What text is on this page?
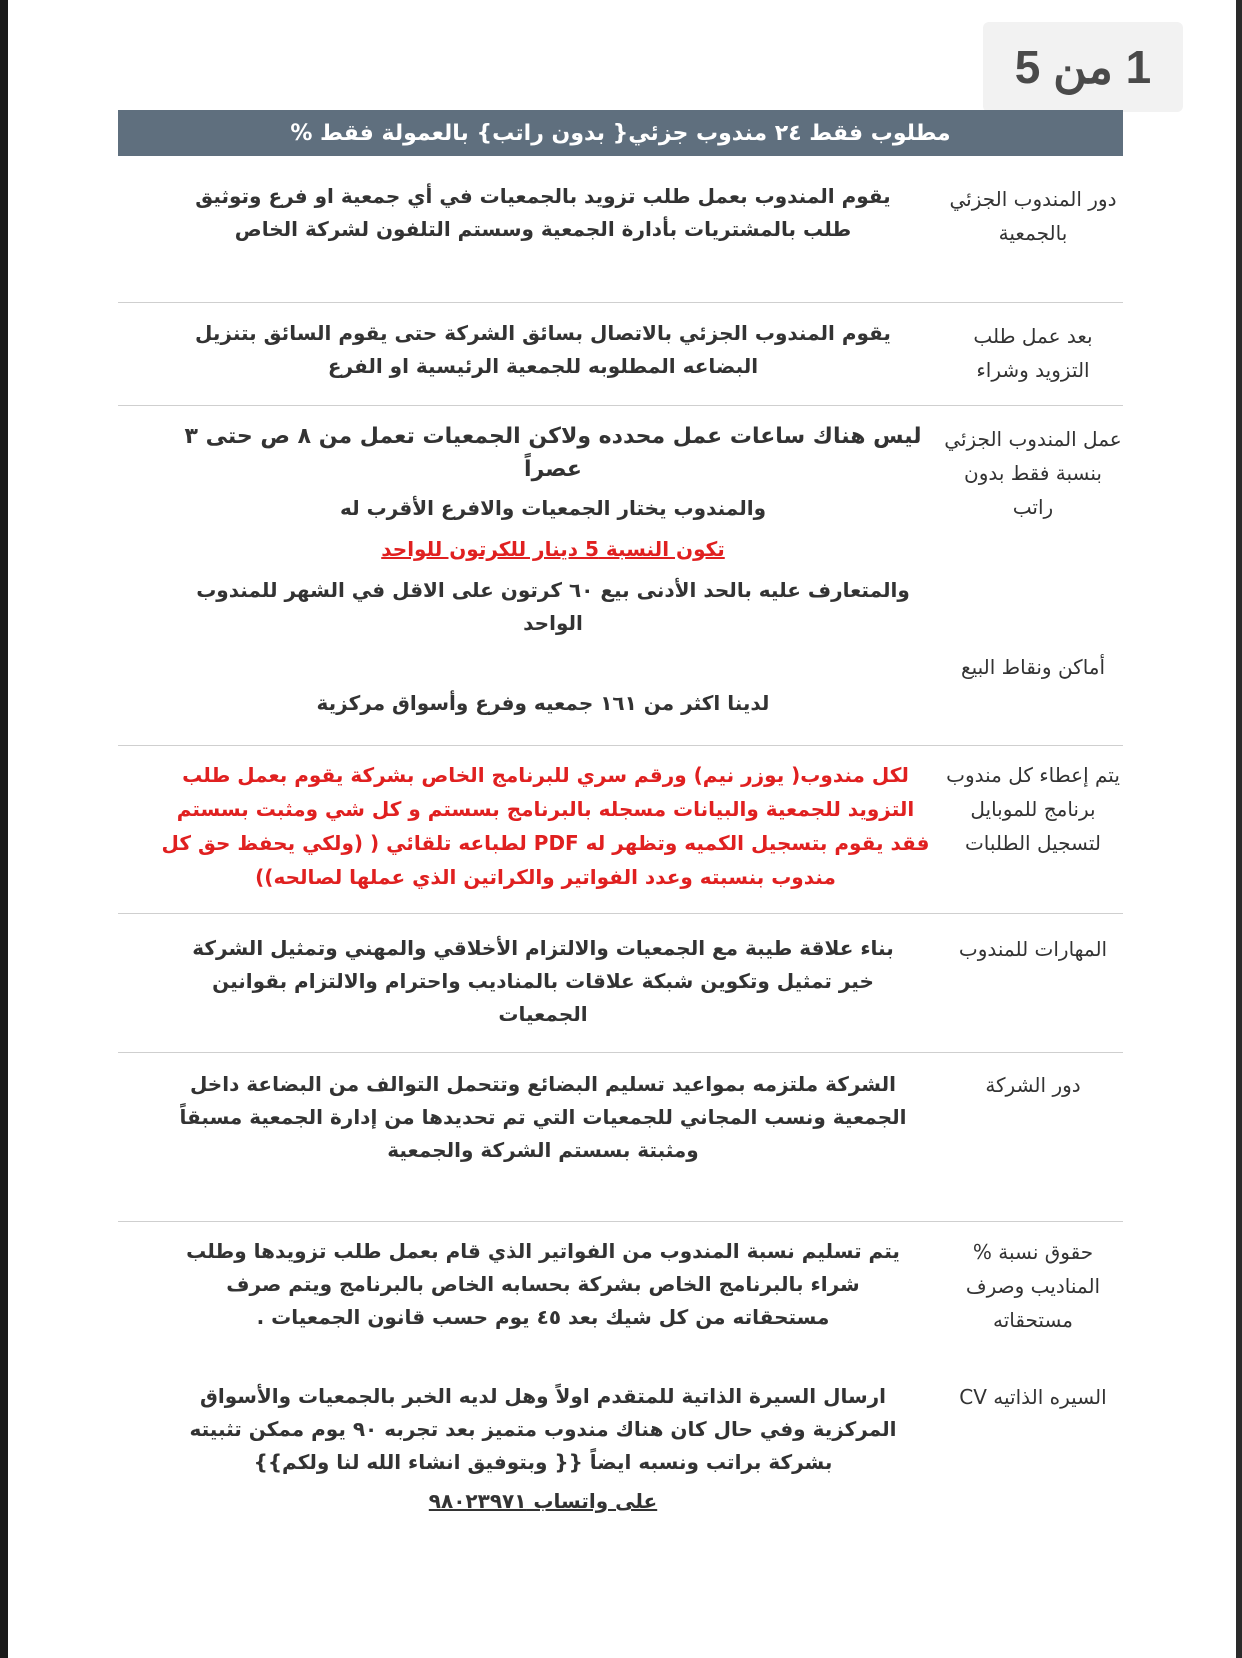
1 من 5
مطلوب فقط ٢٤ مندوب جزئي{ بدون راتب} بالعمولة فقط %
دور المندوب الجزئي بالجمعية

يقوم المندوب بعمل طلب تزويد بالجمعيات في أي جمعية او فرع وتوثيق طلب بالمشتريات بأدارة الجمعية وسستم التلفون لشركة الخاص

بعد عمل طلب التزويد وشراء

يقوم المندوب الجزئي بالاتصال بسائق الشركة حتى يقوم السائق بتنزيل البضاعه المطلوبه للجمعية الرئيسية او الفرع

عمل المندوب الجزئي بنسبة فقط بدون راتب

ليس هناك ساعات عمل محدده ولاكن الجمعيات تعمل من ٨ ص حتى ٣ عصراً

والمندوب يختار الجمعيات والافرع الأقرب له

تكون النسبة 5 دينار للكرتون للواحد

والمتعارف عليه بالحد الأدنى بيع ٦٠ كرتون على الاقل في الشهر للمندوب الواحد

أماكن ونقاط البيع

لدينا اكثر من ١٦١ جمعيه وفرع وأسواق مركزية

يتم إعطاء كل مندوب برنامج للموبايل لتسجيل الطلبات

لكل مندوب( يوزر نيم) ورقم سري للبرنامج الخاص بشركة يقوم بعمل طلب التزويد للجمعية والبيانات مسجله بالبرنامج بسستم و كل شي ومثبت بسستم فقد يقوم بتسجيل الكميه وتظهر له PDF لطباعه تلقائي ( (ولكي يحفظ حق كل مندوب بنسبته وعدد الفواتير والكراتين الذي عملها لصالحه))

المهارات للمندوب

بناء علاقة طيبة مع الجمعيات والالتزام الأخلاقي والمهني وتمثيل الشركة خير تمثيل وتكوين شبكة علاقات بالمناديب واحترام والالتزام بقوانين الجمعيات

دور الشركة

الشركة ملتزمه بمواعيد تسليم البضائع وتتحمل التوالف من البضاعة داخل الجمعية ونسب المجاني للجمعيات التي تم تحديدها من إدارة الجمعية مسبقاً ومثبتة بسستم الشركة والجمعية

حقوق نسبة % المناديب وصرف مستحقاته

يتم تسليم نسبة المندوب من الفواتير الذي قام بعمل طلب تزويدها وطلب شراء بالبرنامج الخاص بشركة بحسابه الخاص بالبرنامج ويتم صرف مستحقاته من كل شيك بعد ٤٥ يوم حسب قانون الجمعيات .

السيره الذاتيه CV

ارسال السيرة الذاتية للمتقدم اولاً وهل لديه الخبر بالجمعيات والأسواق المركزية وفي حال كان هناك مندوب متميز بعد تجربه ٩٠ يوم ممكن تثبيته بشركة براتب ونسبه ايضاً {{ وبتوفيق انشاء الله لنا ولكم}}

على واتساب ٩٨٠٢٣٩٧١
